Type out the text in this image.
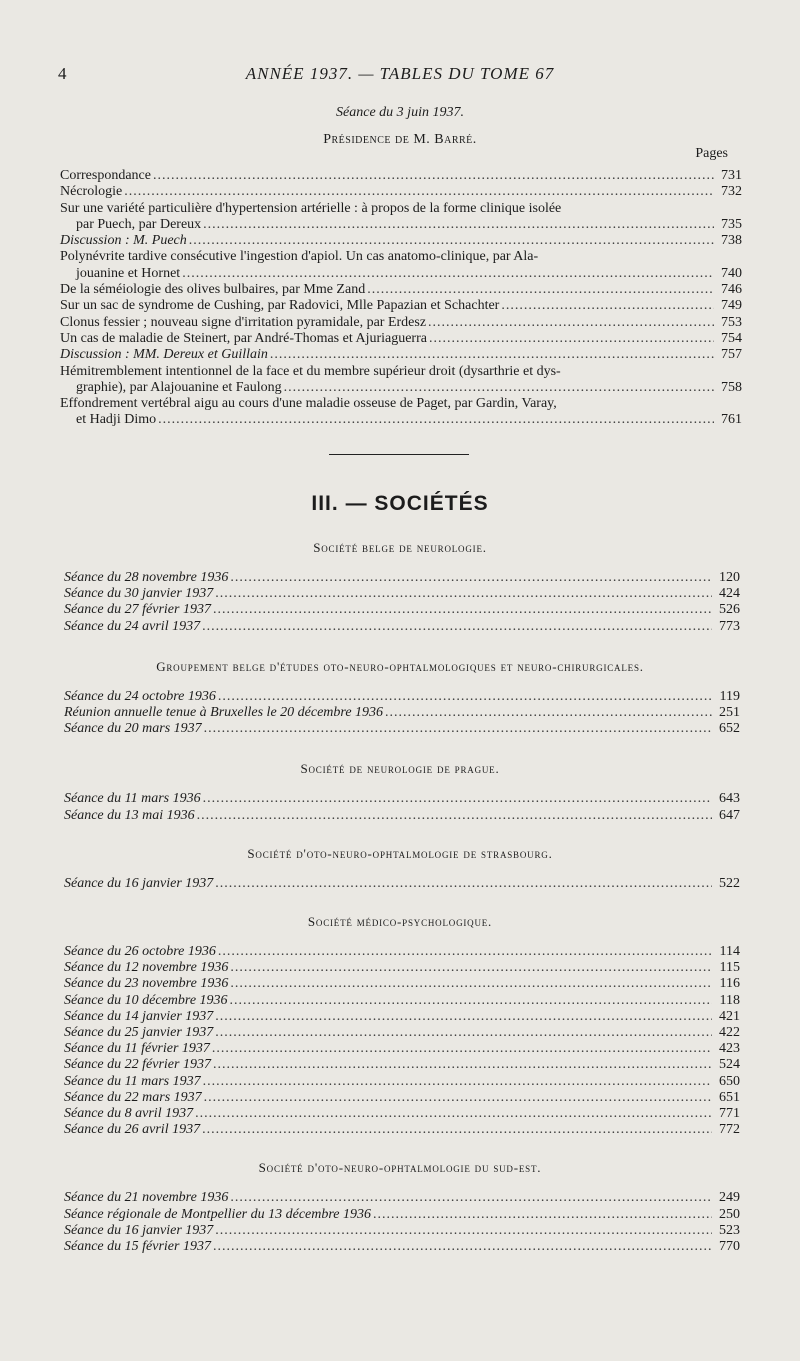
4	ANNÉE 1937. — TABLES DU TOME 67
Séance du 3 juin 1937.
Présidence de M. Barré.
Pages
Correspondance .....	731
Nécrologie .....	732
Sur une variété particulière d'hypertension artérielle : à propos de la forme clinique isolée
par Puech, par Dereux .....	735
Discussion : M. Puech .....	738
Polynévrite tardive consécutive l'ingestion d'apiol. Un cas anatomo-clinique, par Ala-
jouanine et Hornet .....	740
De la séméiologie des olives bulbaires, par Mme Zand .....	746
Sur un sac de syndrome de Cushing, par Radovici, Mlle Papazian et Schachter .....	749
Clonus fessier ; nouveau signe d'irritation pyramidale, par Erdesz .....	753
Un cas de maladie de Steinert, par André-Thomas et Ajuriaguerra .....	754
Discussion : MM. Dereux et Guillain .....	757
Hémitremblement intentionnel de la face et du membre supérieur droit (dysarthrie et dys-
graphie), par Alajouanine et Faulong .....	758
Effondrement vertébral aigu au cours d'une maladie osseuse de Paget, par Gardin, Varay,
et Hadji Dimo .....	761
III. — SOCIÉTÉS
Société belge de neurologie.
Séance du 28 novembre 1936 .....	120
Séance du 30 janvier 1937 .....	424
Séance du 27 février 1937 .....	526
Séance du 24 avril 1937 .....	773
Groupement belge d'études oto-neuro-ophtalmologiques et neuro-chirurgicales.
Séance du 24 octobre 1936 .....	119
Réunion annuelle tenue à Bruxelles le 20 décembre 1936 .....	251
Séance du 20 mars 1937 .....	652
Société de neurologie de prague.
Séance du 11 mars 1936 .....	643
Séance du 13 mai 1936 .....	647
Société d'oto-neuro-ophtalmologie de strasbourg.
Séance du 16 janvier 1937 .....	522
Société médico-psychologique.
Séance du 26 octobre 1936 .....	114
Séance du 12 novembre 1936 .....	115
Séance du 23 novembre 1936 .....	116
Séance du 10 décembre 1936 .....	118
Séance du 14 janvier 1937 .....	421
Séance du 25 janvier 1937 .....	422
Séance du 11 février 1937 .....	423
Séance du 22 février 1937 .....	524
Séance du 11 mars 1937 .....	650
Séance du 22 mars 1937 .....	651
Séance du 8 avril 1937 .....	771
Séance du 26 avril 1937 .....	772
Société d'oto-neuro-ophtalmologie du sud-est.
Séance du 21 novembre 1936 .....	249
Séance régionale de Montpellier du 13 décembre 1936 .....	250
Séance du 16 janvier 1937 .....	523
Séance du 15 février 1937 .....	770
